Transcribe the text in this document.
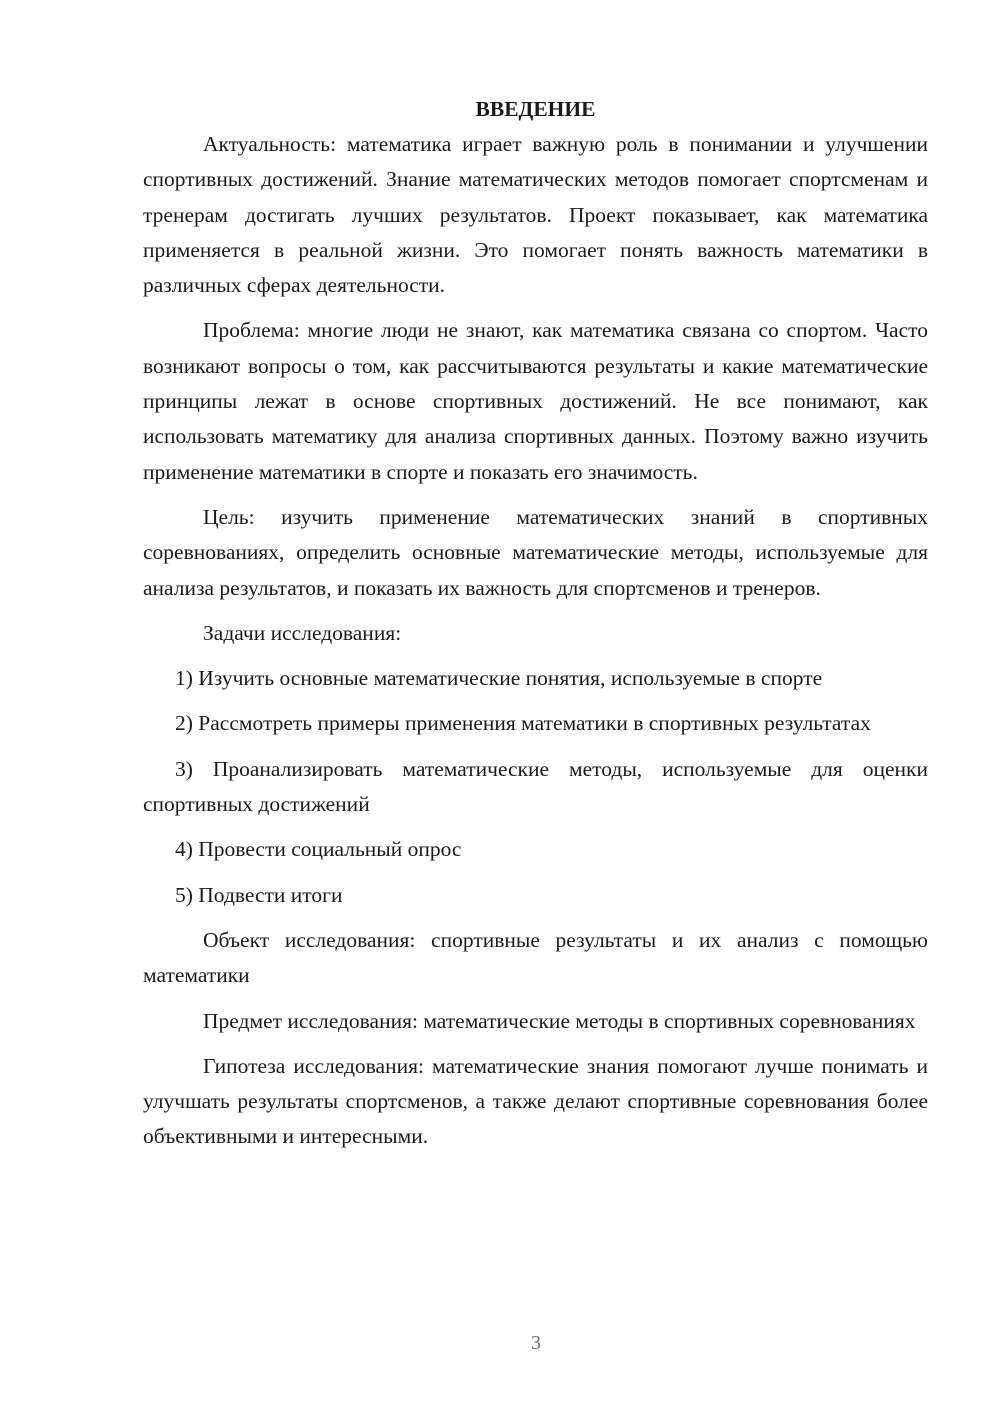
ВВЕДЕНИЕ

Актуальность: математика играет важную роль в понимании и улучшении спортивных достижений. Знание математических методов помогает спортсменам и тренерам достигать лучших результатов. Проект показывает, как математика применяется в реальной жизни. Это помогает понять важность математики в различных сферах деятельности.

Проблема: многие люди не знают, как математика связана со спортом. Часто возникают вопросы о том, как рассчитываются результаты и какие математические принципы лежат в основе спортивных достижений. Не все понимают, как использовать математику для анализа спортивных данных. Поэтому важно изучить применение математики в спорте и показать его значимость.

Цель: изучить применение математических знаний в спортивных соревнованиях, определить основные математические методы, используемые для анализа результатов, и показать их важность для спортсменов и тренеров.

Задачи исследования:

1) Изучить основные математические понятия, используемые в спорте

2) Рассмотреть примеры применения математики в спортивных результатах

3) Проанализировать математические методы, используемые для оценки спортивных достижений

4) Провести социальный опрос

5) Подвести итоги

Объект исследования: спортивные результаты и их анализ с помощью математики

Предмет исследования: математические методы в спортивных соревнованиях

Гипотеза исследования: математические знания помогают лучше понимать и улучшать результаты спортсменов, а также делают спортивные соревнования более объективными и интересными.

3
